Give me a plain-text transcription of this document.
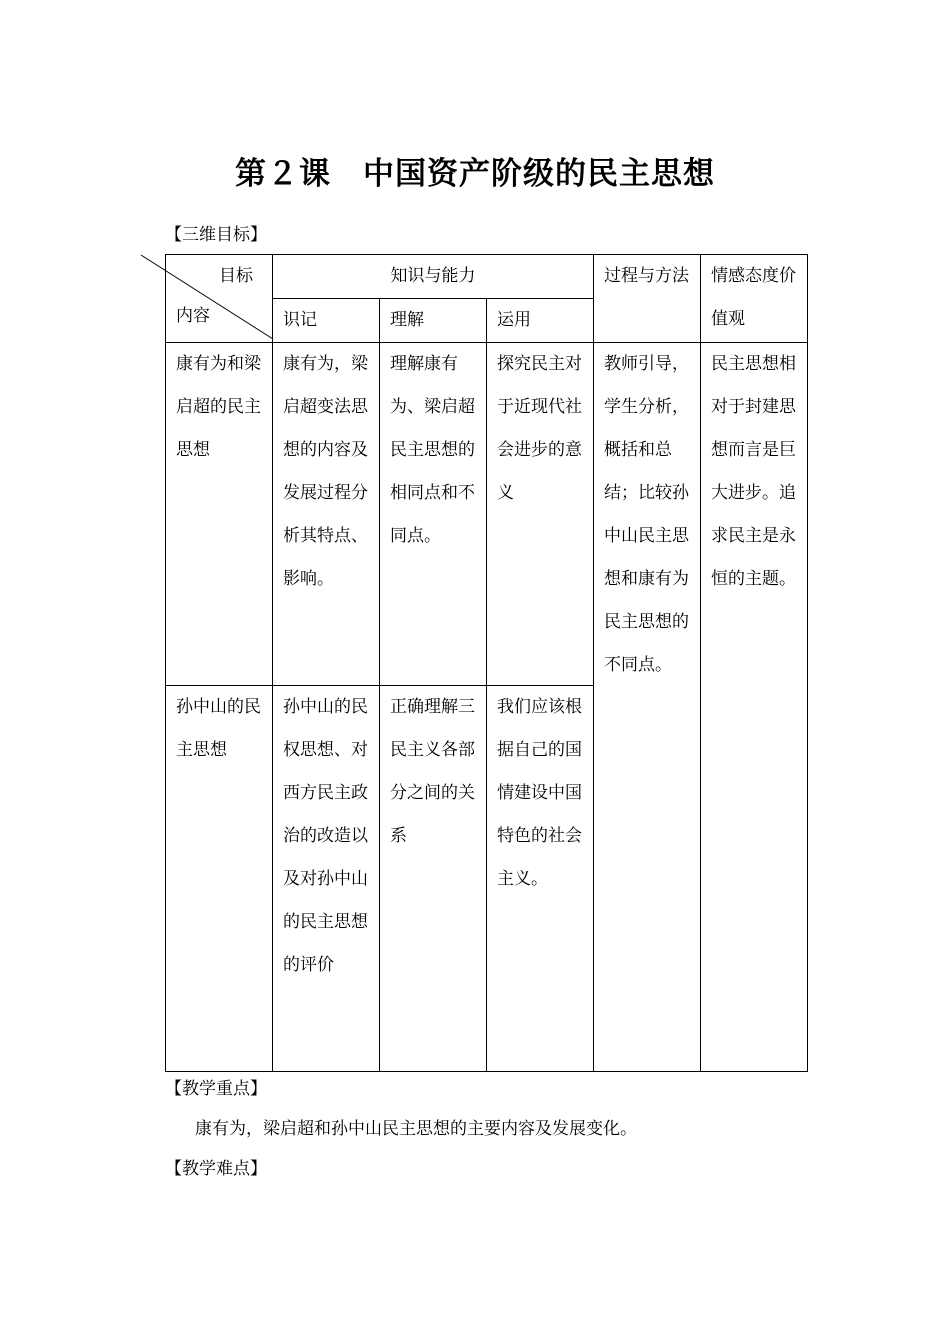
第２课　中国资产阶级的民主思想
【三维目标】
目标
内容	知识与能力			过程与方法	情感态度价值观
	识记	理解	运用		
康有为和梁启超的民主思想	康有为，梁启超变法思想的内容及发展过程分析其特点、影响。	理解康有为、梁启超民主思想的相同点和不同点。	探究民主对于近现代社会进步的意义	教师引导，学生分析，概括和总结；比较孙中山民主思想和康有为民主思想的不同点。	民主思想相对于封建思想而言是巨大进步。追求民主是永恒的主题。
孙中山的民主思想	孙中山的民权思想、对西方民主政治的改造以及对孙中山的民主思想的评价	正确理解三民主义各部分之间的关系	我们应该根据自己的国情建设中国特色的社会主义。		
【教学重点】
康有为，梁启超和孙中山民主思想的主要内容及发展变化。
【教学难点】
